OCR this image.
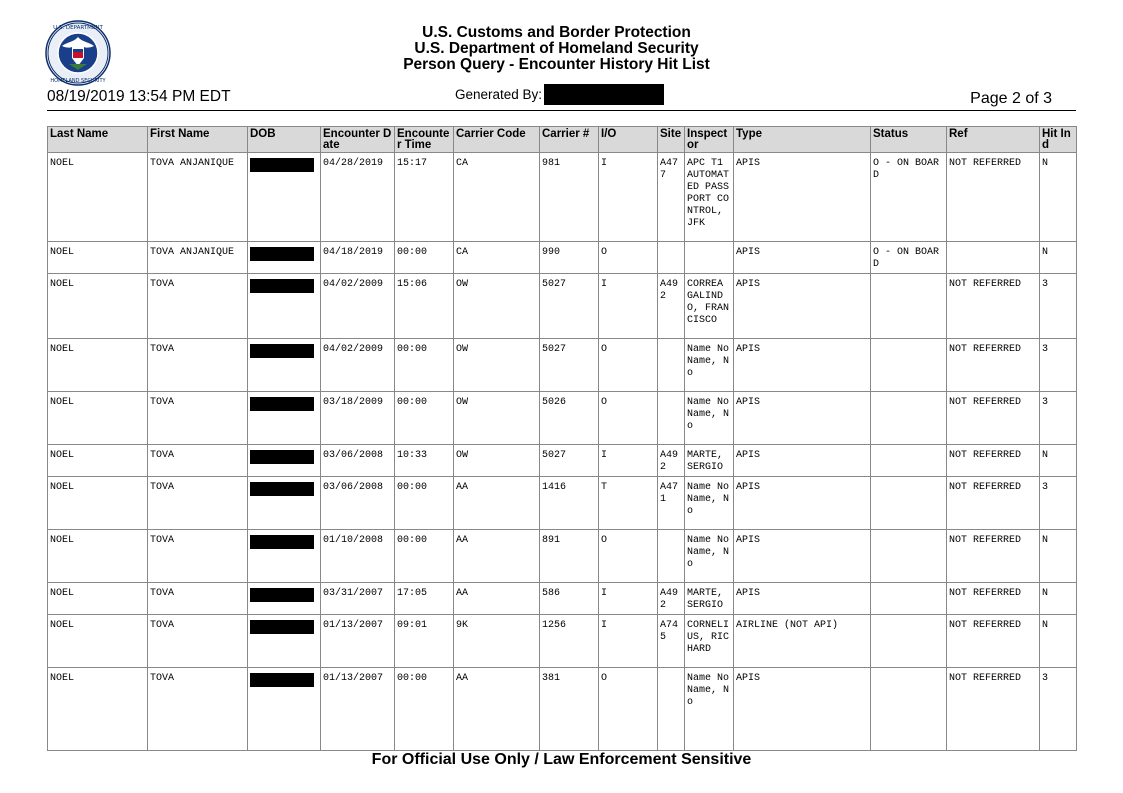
U.S. DEPARTMENT
HOMELAND SECURITY
U.S. Customs and Border Protection
U.S. Department of Homeland Security
Person Query - Encounter History Hit List
08/19/2019 13:54 PM EDT	Generated By:	Page 2 of 3
Last Name	First Name	DOB	Encounter Date	Encounter Time	Carrier Code	Carrier #	I/O	Site	Inspector	Type	Status	Ref	Hit Ind
NOEL	TOVA ANJANIQUE		04/28/2019	15:17	CA	981	I	A477	APC T1 AUTOMATED PASSPORT CONTROL, JFK	APIS	O - ON BOARD	NOT REFERRED	N
NOEL	TOVA ANJANIQUE		04/18/2019	00:00	CA	990	O			APIS	O - ON BOARD		N
NOEL	TOVA		04/02/2009	15:06	OW	5027	I	A492	CORREA GALINDO, FRANCISCO	APIS		NOT REFERRED	3
NOEL	TOVA		04/02/2009	00:00	OW	5027	O		Name No Name, No	APIS		NOT REFERRED	3
NOEL	TOVA		03/18/2009	00:00	OW	5026	O		Name No Name, No	APIS		NOT REFERRED	3
NOEL	TOVA		03/06/2008	10:33	OW	5027	I	A492	MARTE, SERGIO	APIS		NOT REFERRED	N
NOEL	TOVA		03/06/2008	00:00	AA	1416	T	A471	Name No Name, No	APIS		NOT REFERRED	3
NOEL	TOVA		01/10/2008	00:00	AA	891	O		Name No Name, No	APIS		NOT REFERRED	N
NOEL	TOVA		03/31/2007	17:05	AA	586	I	A492	MARTE, SERGIO	APIS		NOT REFERRED	N
NOEL	TOVA		01/13/2007	09:01	9K	1256	I	A745	CORNELIUS, RICHARD	AIRLINE (NOT API)		NOT REFERRED	N
NOEL	TOVA		01/13/2007	00:00	AA	381	O		Name No Name, No	APIS		NOT REFERRED	3
For Official Use Only / Law Enforcement Sensitive
